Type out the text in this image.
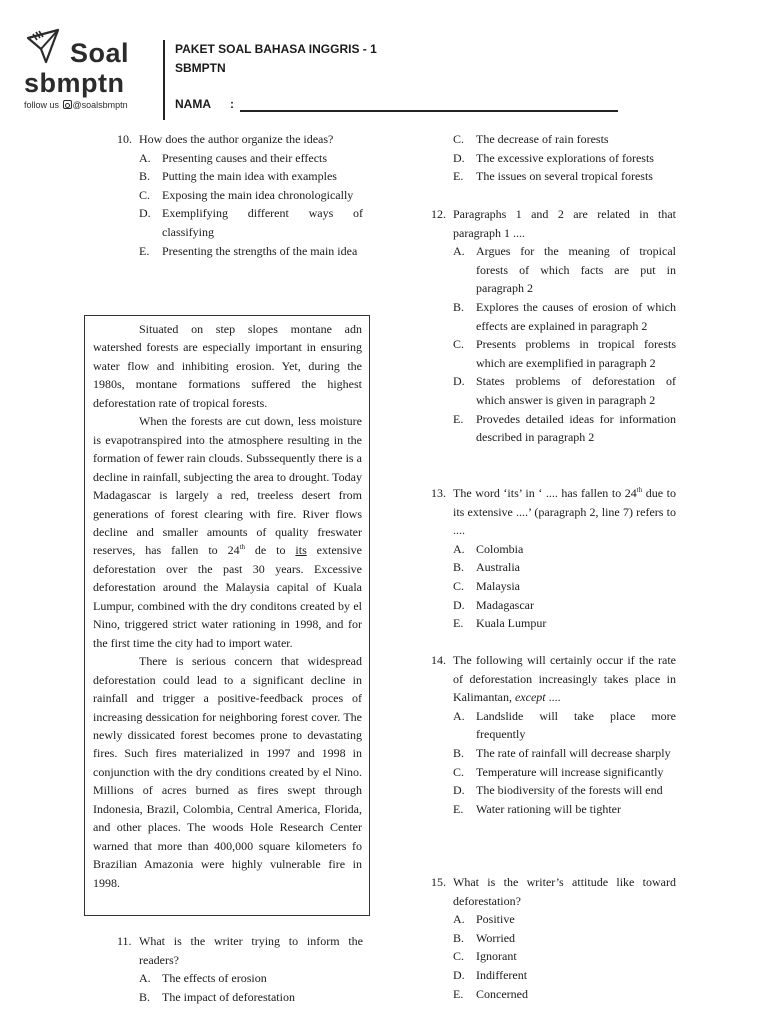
Soal
sbmptn
follow us @soalsbmptn
PAKET SOAL BAHASA INGGRIS - 1
SBMPTN
NAMA :
10. How does the author organize the ideas?
A. Presenting causes and their effects
B. Putting the main idea with examples
C. Exposing the main idea chronologically
D. Exemplifying different ways of classifying
E. Presenting the strengths of the main idea

Situated on step slopes montane adn watershed forests are especially important in ensuring water flow and inhibiting erosion. Yet, during the 1980s, montane formations suffered the highest deforestation rate of tropical forests.

When the forests are cut down, less moisture is evapotranspired into the atmosphere resulting in the formation of fewer rain clouds. Subssequently there is a decline in rainfall, subjecting the area to drought. Today Madagascar is largely a red, treeless desert from generations of forest clearing with fire. River flows decline and smaller amounts of quality freswater reserves, has fallen to 24th de to its extensive deforestation over the past 30 years. Excessive deforestation around the Malaysia capital of Kuala Lumpur, combined with the dry conditons created by el Nino, triggered strict water rationing in 1998, and for the first time the city had to import water.

There is serious concern that widespread deforestation could lead to a significant decline in rainfall and trigger a positive-feedback proces of increasing dessication for neighboring forest cover. The newly dissicated forest becomes prone to devastating fires. Such fires materialized in 1997 and 1998 in conjunction with the dry conditions created by el Nino. Millions of acres burned as fires swept through Indonesia, Brazil, Colombia, Central America, Florida, and other places. The woods Hole Research Center warned that more than 400,000 square kilometers fo Brazilian Amazonia were highly vulnerable fire in 1998.

11. What is the writer trying to inform the readers?
A. The effects of erosion
B. The impact of deforestation
C. The decrease of rain forests
D. The excessive explorations of forests
E. The issues on several tropical forests
12. Paragraphs 1 and 2 are related in that paragraph 1 ....
A. Argues for the meaning of tropical forests of which facts are put in paragraph 2
B. Explores the causes of erosion of which effects are explained in paragraph 2
C. Presents problems in tropical forests which are exemplified in paragraph 2
D. States problems of deforestation of which answer is given in paragraph 2
E. Provedes detailed ideas for information described in paragraph 2
13. The word ‘its’ in ‘ .... has fallen to 24th due to its extensive ....’ (paragraph 2, line 7) refers to ....
A. Colombia
B. Australia
C. Malaysia
D. Madagascar
E. Kuala Lumpur
14. The following will certainly occur if the rate of deforestation increasingly takes place in Kalimantan, except ....
A. Landslide will take place more frequently
B. The rate of rainfall will decrease sharply
C. Temperature will increase significantly
D. The biodiversity of the forests will end
E. Water rationing will be tighter
15. What is the writer’s attitude like toward deforestation?
A. Positive
B. Worried
C. Ignorant
D. Indifferent
E. Concerned
